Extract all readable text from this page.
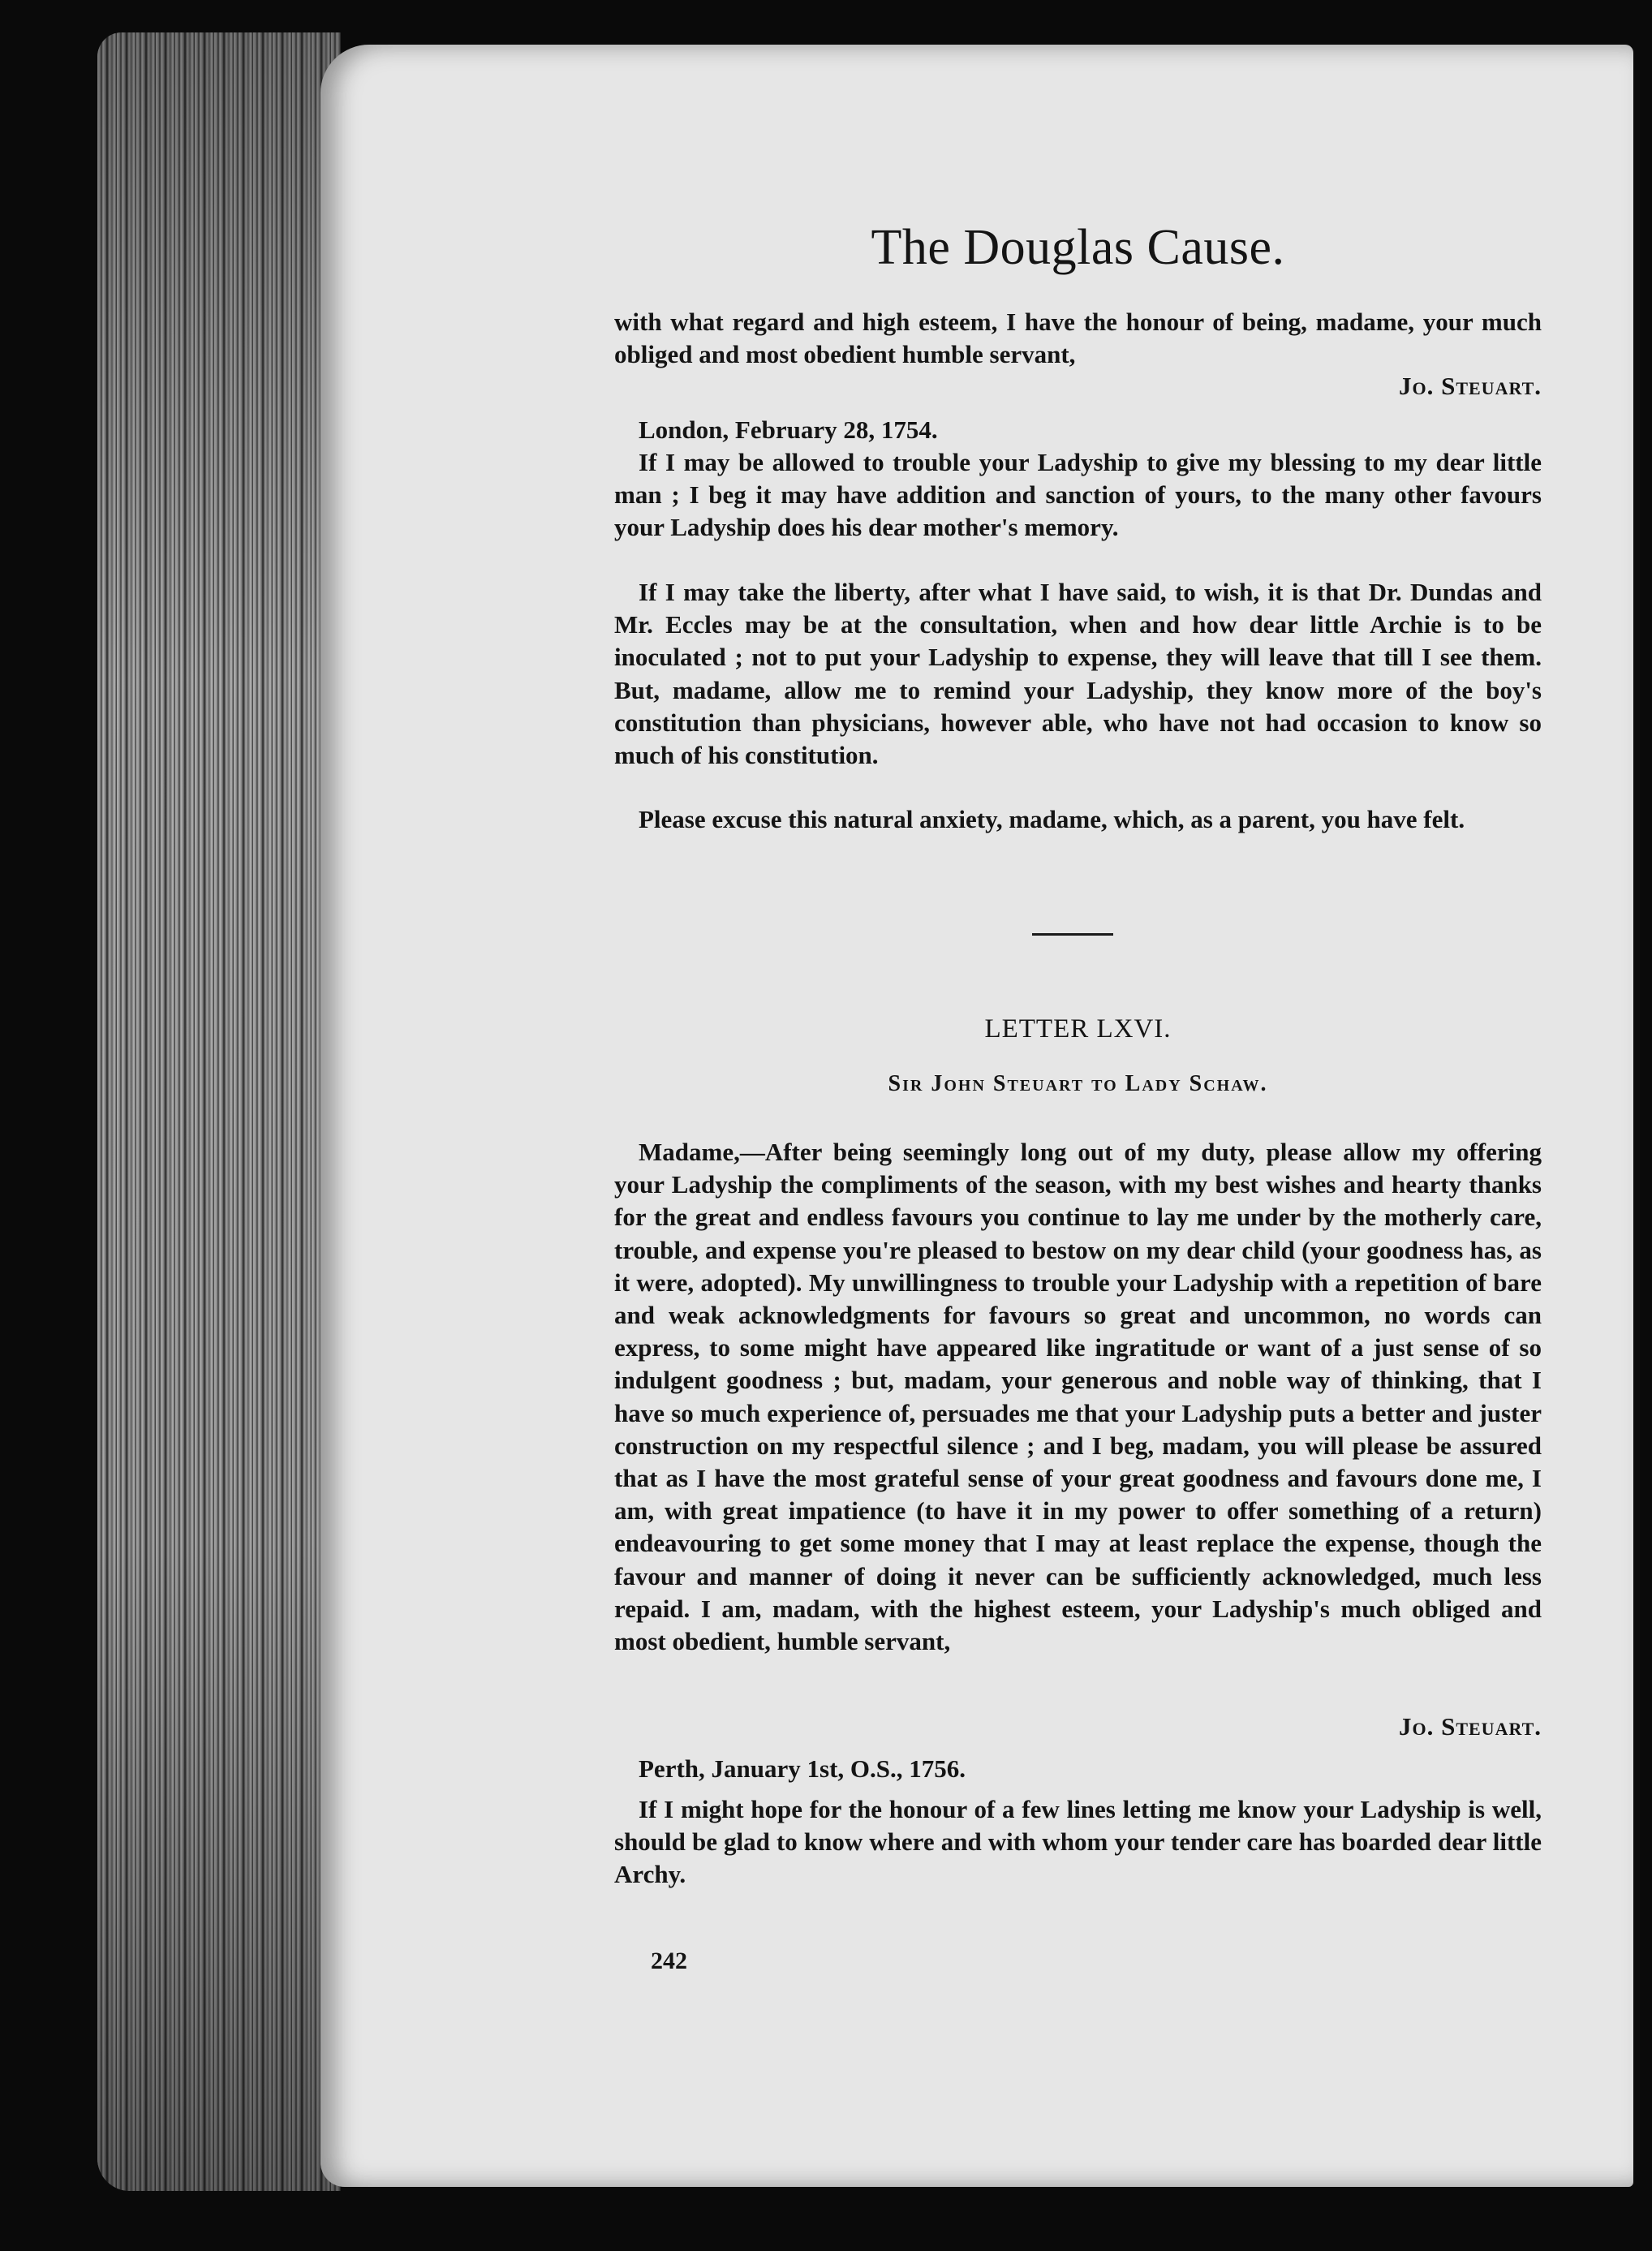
The Douglas Cause.

with what regard and high esteem, I have the honour of being, madame, your much obliged and most obedient humble servant,

Jo. Steuart.

London, February 28, 1754.

If I may be allowed to trouble your Ladyship to give my blessing to my dear little man ; I beg it may have addition and sanction of yours, to the many other favours your Ladyship does his dear mother's memory.

If I may take the liberty, after what I have said, to wish, it is that Dr. Dundas and Mr. Eccles may be at the consultation, when and how dear little Archie is to be inoculated ; not to put your Ladyship to expense, they will leave that till I see them. But, madame, allow me to remind your Ladyship, they know more of the boy's constitution than physicians, however able, who have not had occasion to know so much of his constitution.

Please excuse this natural anxiety, madame, which, as a parent, you have felt.

LETTER LXVI.
Sir John Steuart to Lady Schaw.

Madame,—After being seemingly long out of my duty, please allow my offering your Ladyship the compliments of the season, with my best wishes and hearty thanks for the great and endless favours you continue to lay me under by the motherly care, trouble, and expense you're pleased to bestow on my dear child (your goodness has, as it were, adopted). My unwillingness to trouble your Ladyship with a repetition of bare and weak acknowledgments for favours so great and uncommon, no words can express, to some might have appeared like ingratitude or want of a just sense of so indulgent goodness ; but, madam, your generous and noble way of thinking, that I have so much experience of, persuades me that your Ladyship puts a better and juster construction on my respectful silence ; and I beg, madam, you will please be assured that as I have the most grateful sense of your great goodness and favours done me, I am, with great impatience (to have it in my power to offer something of a return) endeavouring to get some money that I may at least replace the expense, though the favour and manner of doing it never can be sufficiently acknowledged, much less repaid. I am, madam, with the highest esteem, your Ladyship's much obliged and most obedient, humble servant,

Jo. Steuart.

Perth, January 1st, O.S., 1756.

If I might hope for the honour of a few lines letting me know your Ladyship is well, should be glad to know where and with whom your tender care has boarded dear little Archy.

242
